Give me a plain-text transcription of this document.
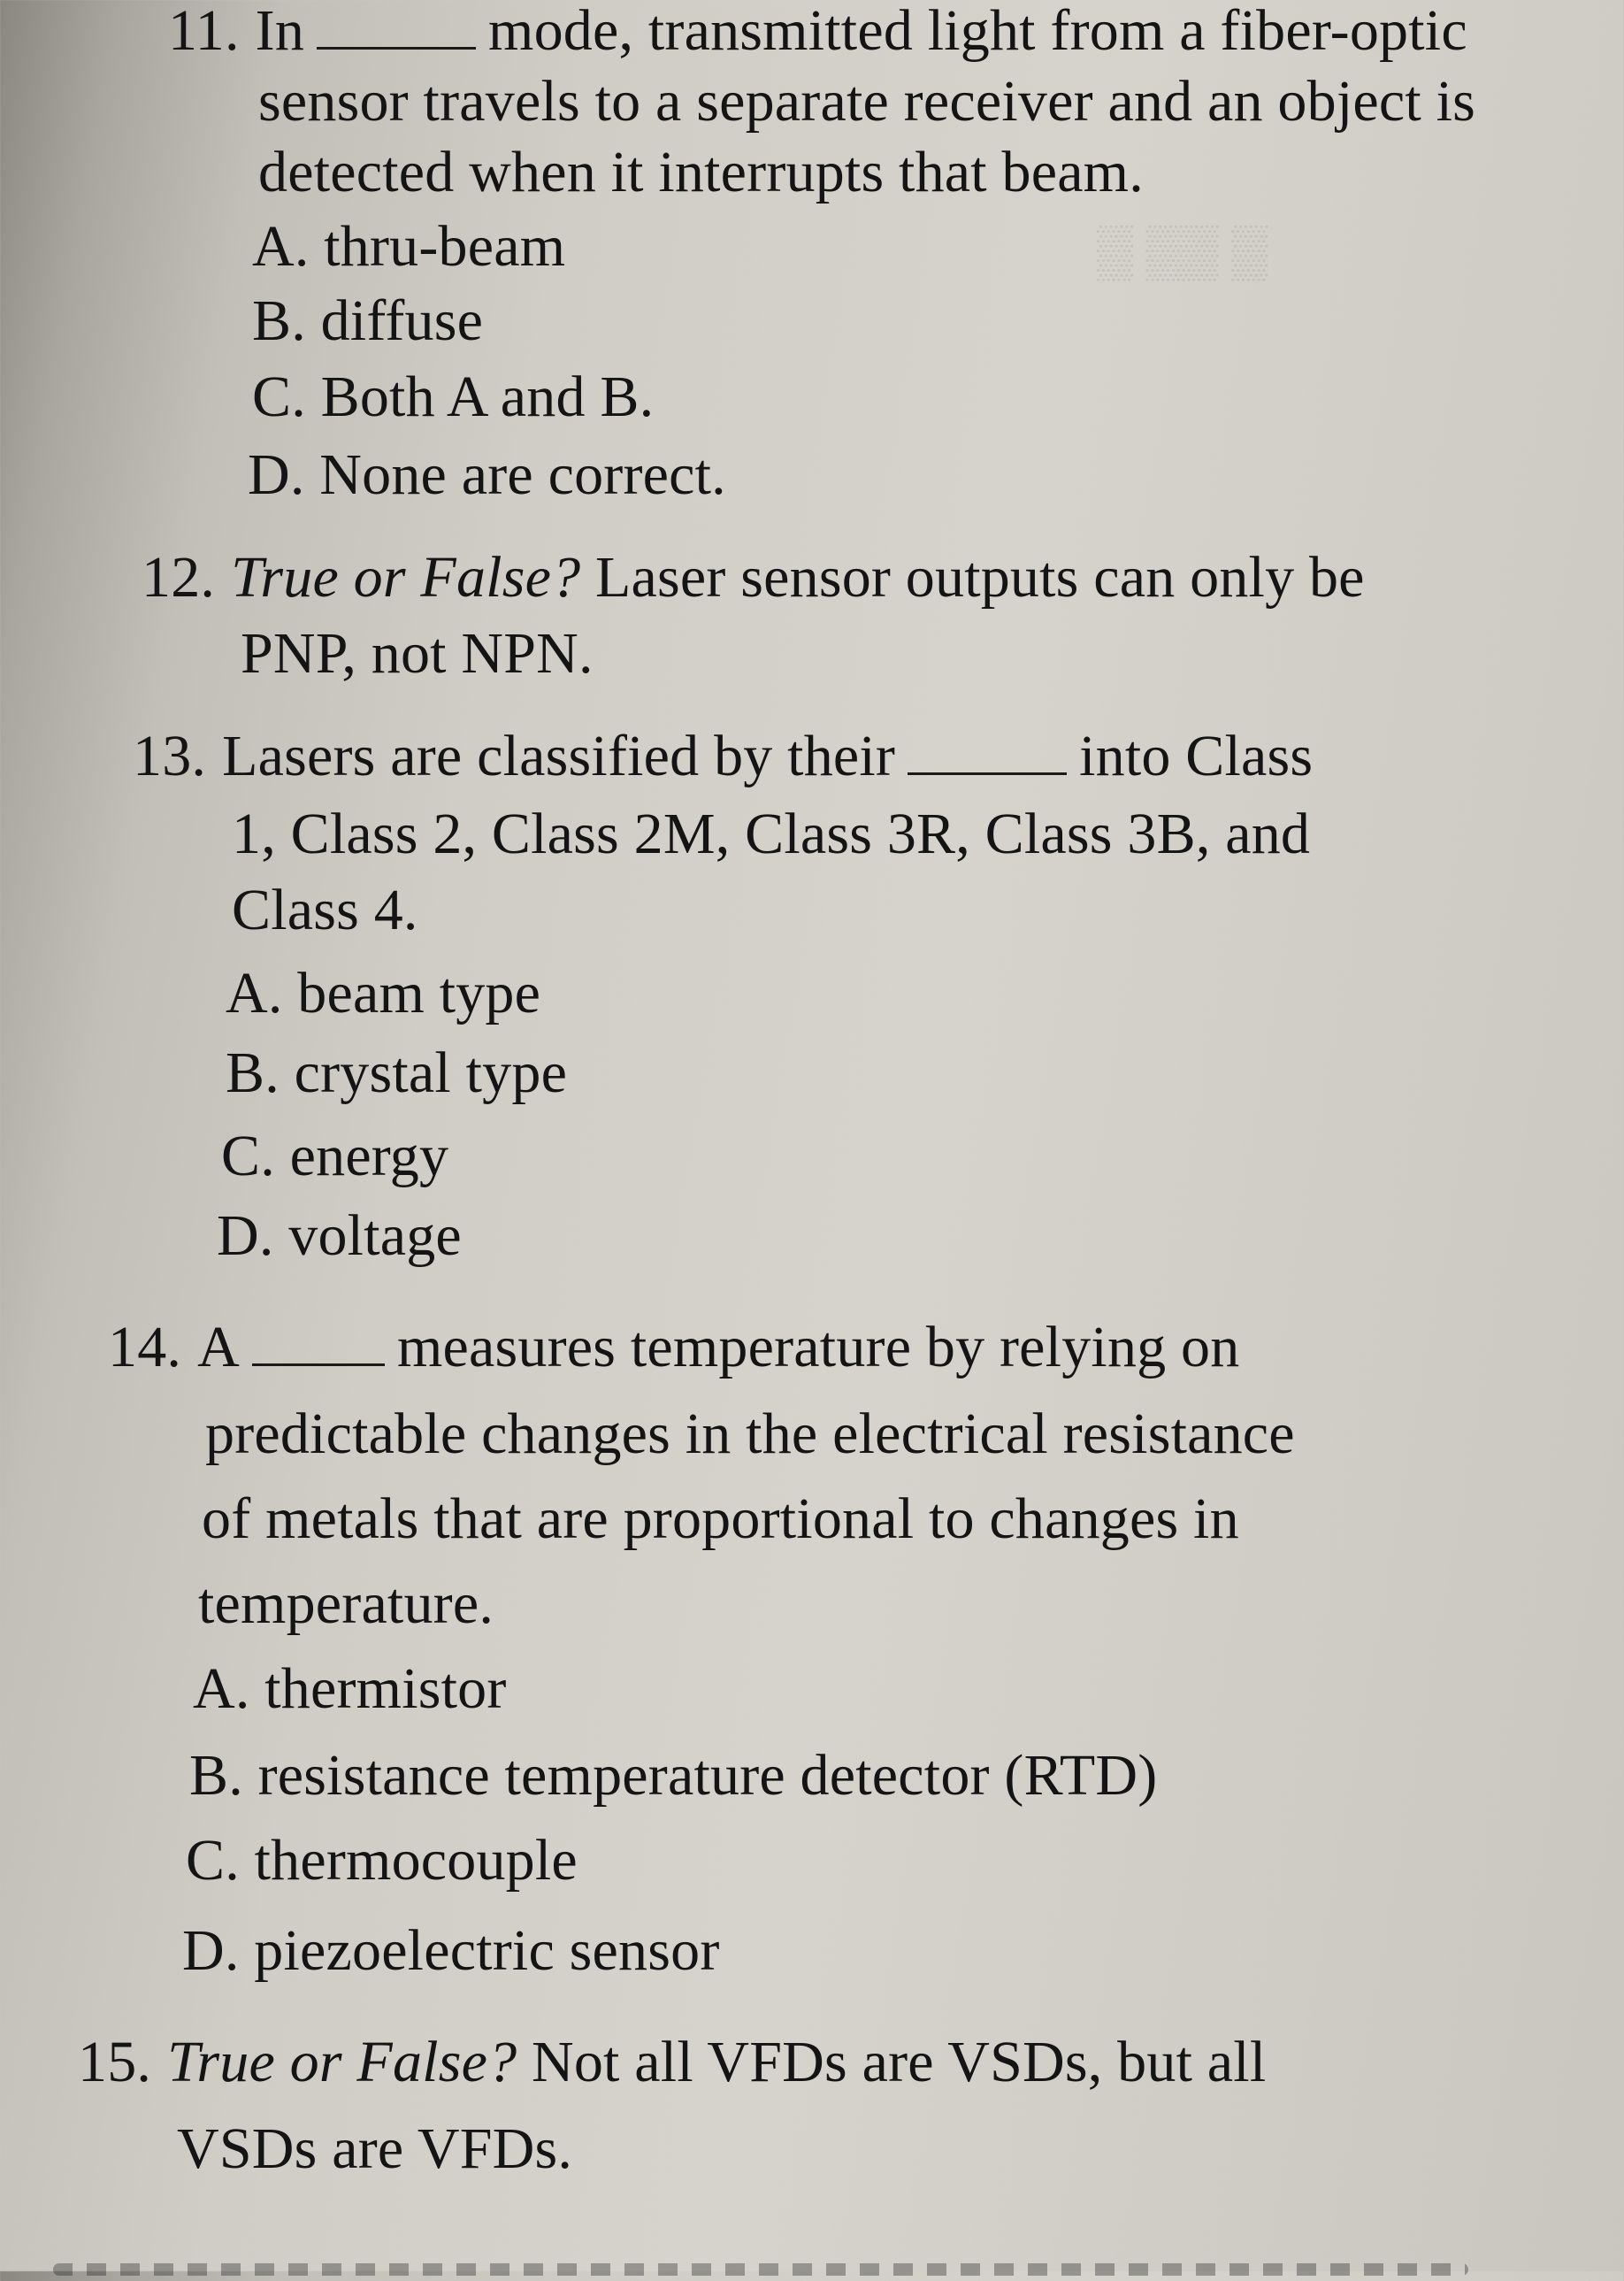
▒ ▒▒ ▒
11. In	mode, transmitted light from a fiber-optic
sensor travels to a separate receiver and an object is
detected when it interrupts that beam.
A. thru-beam
B. diffuse
C. Both A and B.
D. None are correct.
12. True or False? Laser sensor outputs can only be
PNP, not NPN.
13. Lasers are classified by their	into Class
1, Class 2, Class 2M, Class 3R, Class 3B, and
Class 4.
A. beam type
B. crystal type
C. energy
D. voltage
14. A	measures temperature by relying on
predictable changes in the electrical resistance
of metals that are proportional to changes in
temperature.
A. thermistor
B. resistance temperature detector (RTD)
C. thermocouple
D. piezoelectric sensor
15. True or False? Not all VFDs are VSDs, but all
VSDs are VFDs.
